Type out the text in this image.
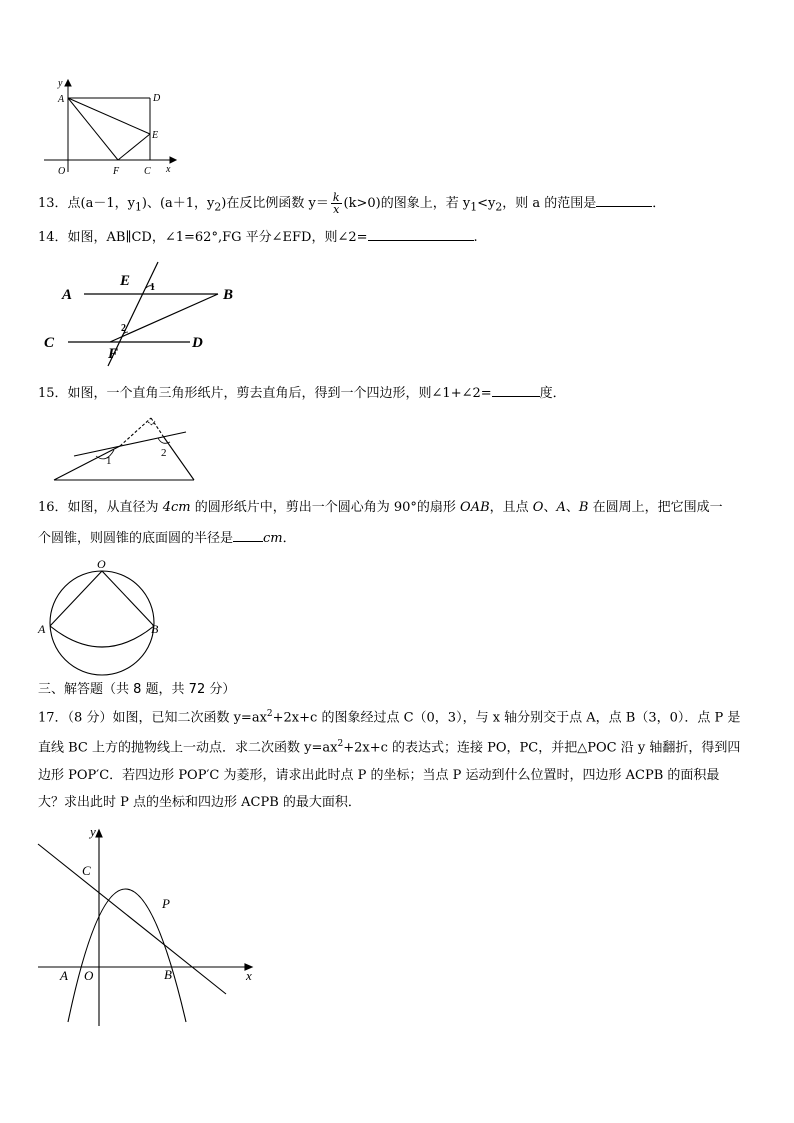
y
x
O
A	D
E
F C
13．点(a－1，$y_1$)、(a＋1，$y_2$)在反比例函数 $y= \frac{k}{x} (k>0)$的图象上，若 $y_1<y_2$，则 a 的范围是	．
14．如图，AB∥CD，∠1=62°,FG 平分∠EFD，则∠2=	.
A	B
C	D
E
F
1
2
15．如图，一个直角三角形纸片，剪去直角后，得到一个四边形，则∠1+∠2=	度．
1
2
16．如图，从直径为 4cm 的圆形纸片中，剪出一个圆心角为 90°的扇形 OAB，且点 O、A、B 在圆周上，把它围成一
个圆锥，则圆锥的底面圆的半径是 cm．
O
A	B
三、解答题（共 8 题，共 72 分）
17．（8 分）如图，已知二次函数 $y=ax^2+2x+c$ 的图象经过点 C（0，3），与 x 轴分别交于点 A，点 B（3，0）．点 P 是
直线 BC 上方的抛物线上一动点．求二次函数 $y=ax^2+2x+c$ 的表达式；连接 PO，PC，并把△POC 沿 y 轴翻折，得到四
边形 POP′C．若四边形 POP′C 为菱形，请求出此时点 P 的坐标；当点 P 运动到什么位置时，四边形 ACPB 的面积最
大？求出此时 P 点的坐标和四边形 ACPB 的最大面积．
y
x
C
P
A O	B
